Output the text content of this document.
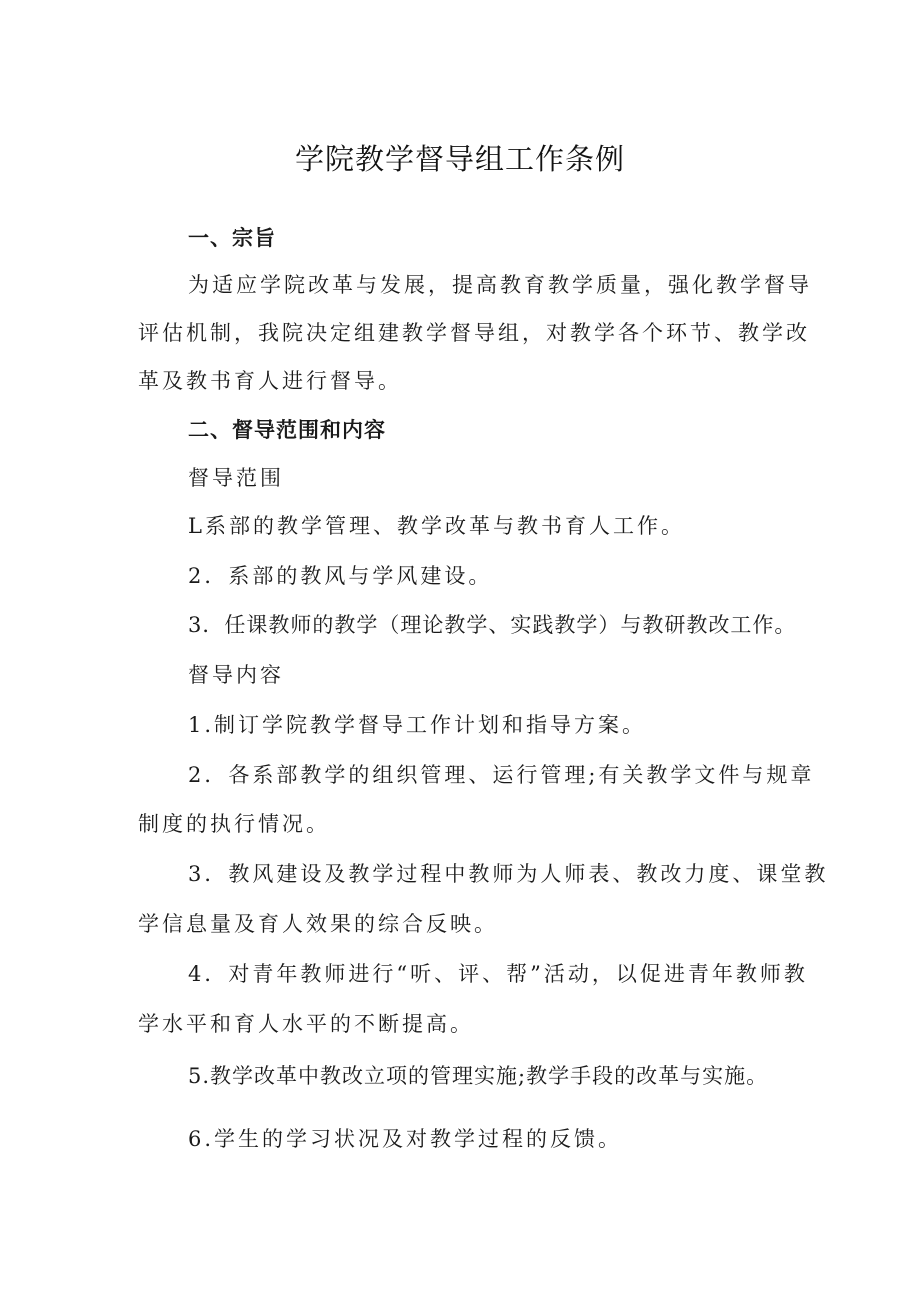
学院教学督导组工作条例
一、宗旨
为适应学院改革与发展，提高教育教学质量，强化教学督导
评估机制，我院决定组建教学督导组，对教学各个环节、教学改
革及教书育人进行督导。
二、督导范围和内容
督导范围
L系部的教学管理、教学改革与教书育人工作。
2．系部的教风与学风建设。
3．任课教师的教学（理论教学、实践教学）与教研教改工作。
督导内容
1.制订学院教学督导工作计划和指导方案。
2．各系部教学的组织管理、运行管理;有关教学文件与规章
制度的执行情况。
3．教风建设及教学过程中教师为人师表、教改力度、课堂教
学信息量及育人效果的综合反映。
4．对青年教师进行“听、评、帮”活动，以促进青年教师教
学水平和育人水平的不断提高。
5.教学改革中教改立项的管理实施;教学手段的改革与实施。
6.学生的学习状况及对教学过程的反馈。
